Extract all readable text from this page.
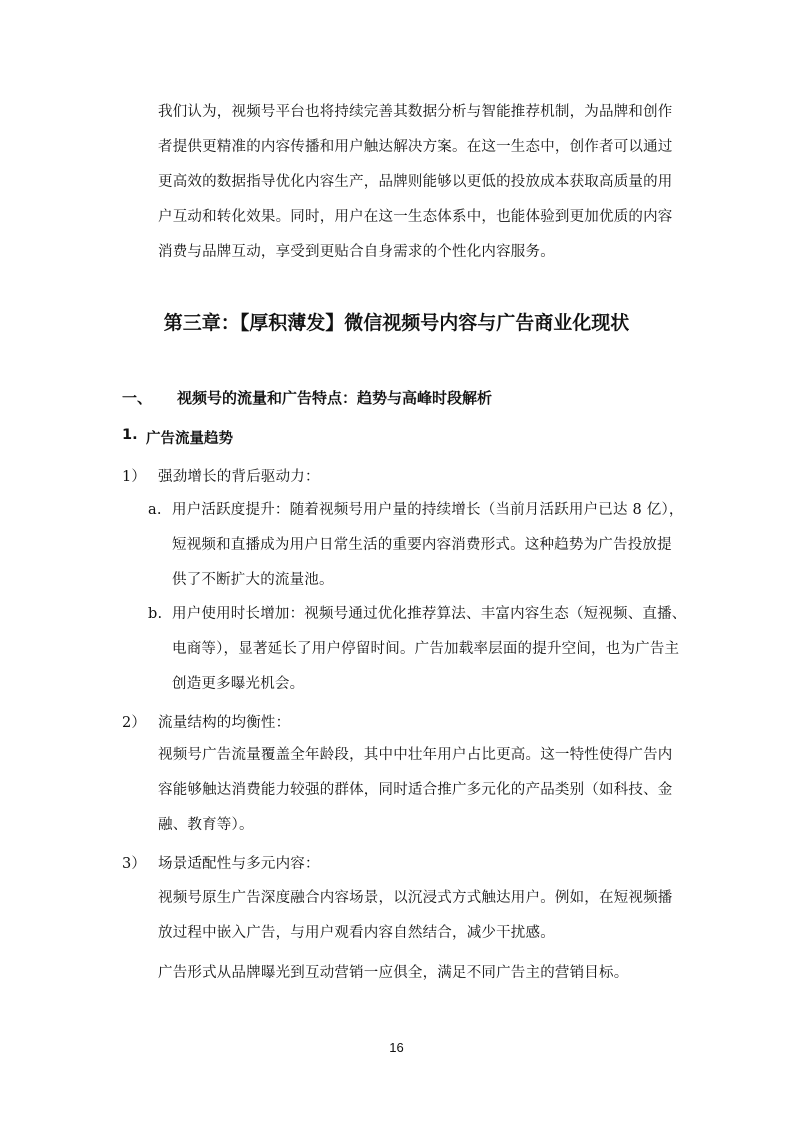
我们认为，视频号平台也将持续完善其数据分析与智能推荐机制，为品牌和创作
者提供更精准的内容传播和用户触达解决方案。在这一生态中，创作者可以通过
更高效的数据指导优化内容生产，品牌则能够以更低的投放成本获取高质量的用
户互动和转化效果。同时，用户在这一生态体系中，也能体验到更加优质的内容
消费与品牌互动，享受到更贴合自身需求的个性化内容服务。
第三章：【厚积薄发】微信视频号内容与广告商业化现状
一、 视频号的流量和广告特点：趋势与高峰时段解析
1. 广告流量趋势
1） 强劲增长的背后驱动力：
a. 用户活跃度提升：随着视频号用户量的持续增长（当前月活跃用户已达 8 亿），
短视频和直播成为用户日常生活的重要内容消费形式。这种趋势为广告投放提
供了不断扩大的流量池。
b. 用户使用时长增加：视频号通过优化推荐算法、丰富内容生态（短视频、直播、
电商等），显著延长了用户停留时间。广告加载率层面的提升空间，也为广告主
创造更多曝光机会。
2） 流量结构的均衡性：
视频号广告流量覆盖全年龄段，其中中壮年用户占比更高。这一特性使得广告内
容能够触达消费能力较强的群体，同时适合推广多元化的产品类别（如科技、金
融、教育等）。
3） 场景适配性与多元内容：
视频号原生广告深度融合内容场景，以沉浸式方式触达用户。例如，在短视频播
放过程中嵌入广告，与用户观看内容自然结合，减少干扰感。
广告形式从品牌曝光到互动营销一应俱全，满足不同广告主的营销目标。
16
